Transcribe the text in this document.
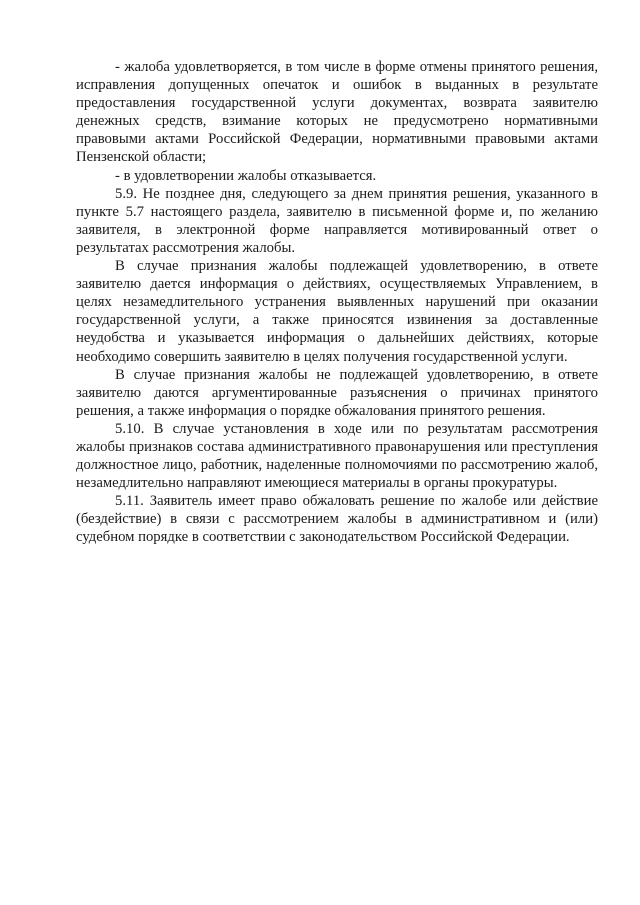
- жалоба удовлетворяется, в том числе в форме отмены принятого решения, исправления допущенных опечаток и ошибок в выданных в результате предоставления государственной услуги документах, возврата заявителю денежных средств, взимание которых не предусмотрено нормативными правовыми актами Российской Федерации, нормативными правовыми актами Пензенской области;

- в удовлетворении жалобы отказывается.

5.9. Не позднее дня, следующего за днем принятия решения, указанного в пункте 5.7 настоящего раздела, заявителю в письменной форме и, по желанию заявителя, в электронной форме направляется мотивированный ответ о результатах рассмотрения жалобы.

В случае признания жалобы подлежащей удовлетворению, в ответе заявителю дается информация о действиях, осуществляемых Управлением, в целях незамедлительного устранения выявленных нарушений при оказании государственной услуги, а также приносятся извинения за доставленные неудобства и указывается информация о дальнейших действиях, которые необходимо совершить заявителю в целях получения государственной услуги.

В случае признания жалобы не подлежащей удовлетворению, в ответе заявителю даются аргументированные разъяснения о причинах принятого решения, а также информация о порядке обжалования принятого решения.

5.10. В случае установления в ходе или по результатам рассмотрения жалобы признаков состава административного правонарушения или преступления должностное лицо, работник, наделенные полномочиями по рассмотрению жалоб, незамедлительно направляют имеющиеся материалы в органы прокуратуры.

5.11. Заявитель имеет право обжаловать решение по жалобе или действие (бездействие) в связи с рассмотрением жалобы в административном и (или) судебном порядке в соответствии с законодательством Российской Федерации.
